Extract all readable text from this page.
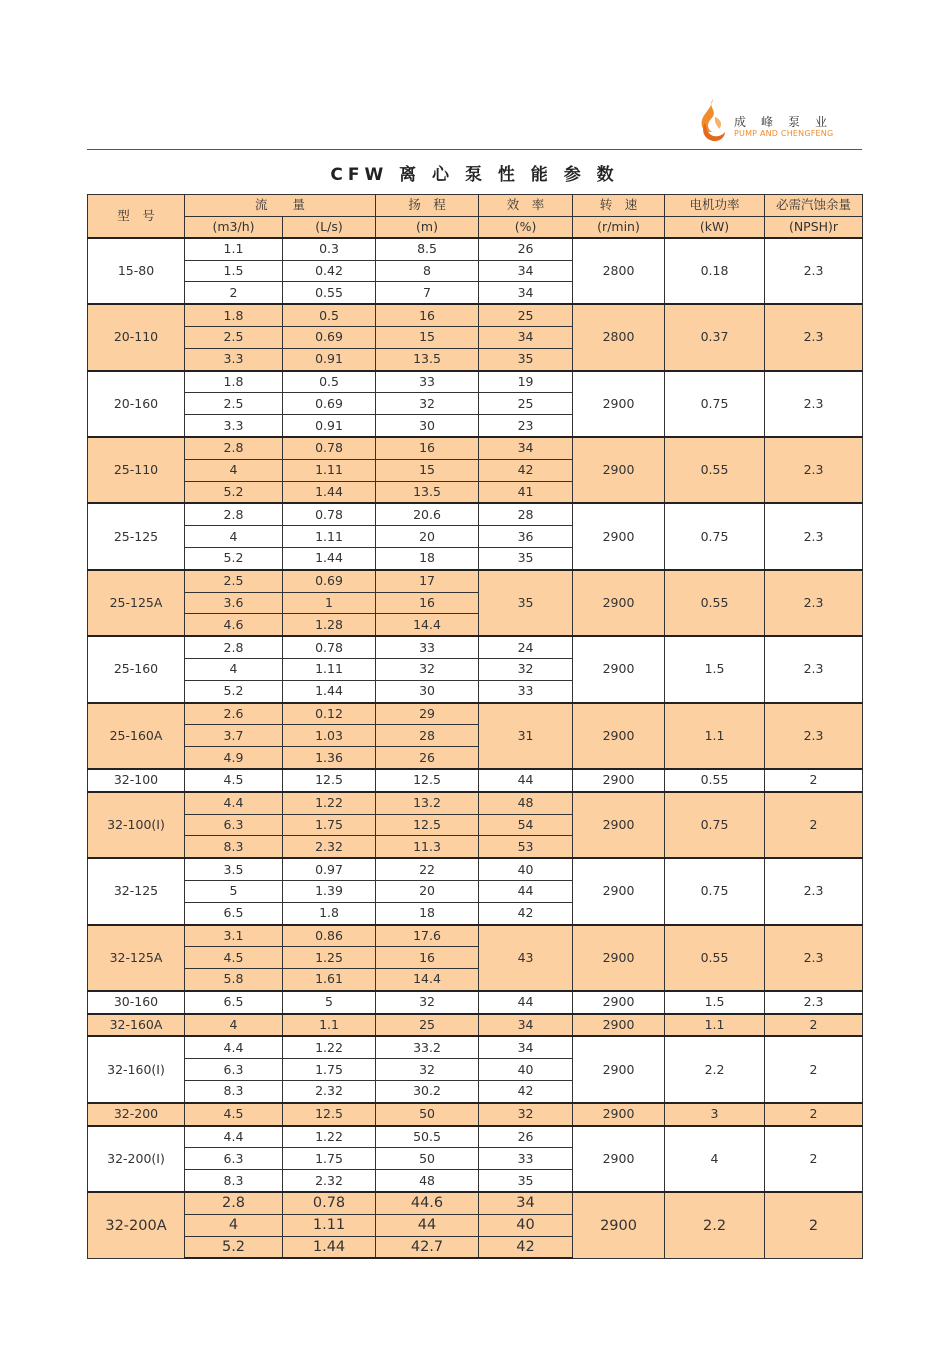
成峰泵业
PUMP AND CHENGFENG
CFW 离 心 泵 性 能 参 数
型　号	流　　量		扬　程	效　率	转　速	电机功率	必需汽蚀余量
	(m3/h)	(L/s)	(m)	(%)	(r/min)	(kW)	(NPSH)r
15-80	1.1	0.3	8.5	26	2800	0.18	2.3
	1.5	0.42	8	34			
	2	0.55	7	34			
20-110	1.8	0.5	16	25	2800	0.37	2.3
	2.5	0.69	15	34			
	3.3	0.91	13.5	35			
20-160	1.8	0.5	33	19	2900	0.75	2.3
	2.5	0.69	32	25			
	3.3	0.91	30	23			
25-110	2.8	0.78	16	34	2900	0.55	2.3
	4	1.11	15	42			
	5.2	1.44	13.5	41			
25-125	2.8	0.78	20.6	28	2900	0.75	2.3
	4	1.11	20	36			
	5.2	1.44	18	35			
25-125A	2.5	0.69	17	35	2900	0.55	2.3
	3.6	1	16				
	4.6	1.28	14.4				
25-160	2.8	0.78	33	24	2900	1.5	2.3
	4	1.11	32	32			
	5.2	1.44	30	33			
25-160A	2.6	0.12	29	31	2900	1.1	2.3
	3.7	1.03	28				
	4.9	1.36	26				
32-100	4.5	12.5	12.5	44	2900	0.55	2
32-100(I)	4.4	1.22	13.2	48	2900	0.75	2
	6.3	1.75	12.5	54			
	8.3	2.32	11.3	53			
32-125	3.5	0.97	22	40	2900	0.75	2.3
	5	1.39	20	44			
	6.5	1.8	18	42			
32-125A	3.1	0.86	17.6	43	2900	0.55	2.3
	4.5	1.25	16				
	5.8	1.61	14.4				
30-160	6.5	5	32	44	2900	1.5	2.3
32-160A	4	1.1	25	34	2900	1.1	2
32-160(I)	4.4	1.22	33.2	34	2900	2.2	2
	6.3	1.75	32	40			
	8.3	2.32	30.2	42			
32-200	4.5	12.5	50	32	2900	3	2
32-200(I)	4.4	1.22	50.5	26	2900	4	2
	6.3	1.75	50	33			
	8.3	2.32	48	35			
32-200A	2.8	0.78	44.6	34	2900	2.2	2
	4	1.11	44	40			
	5.2	1.44	42.7	42			
